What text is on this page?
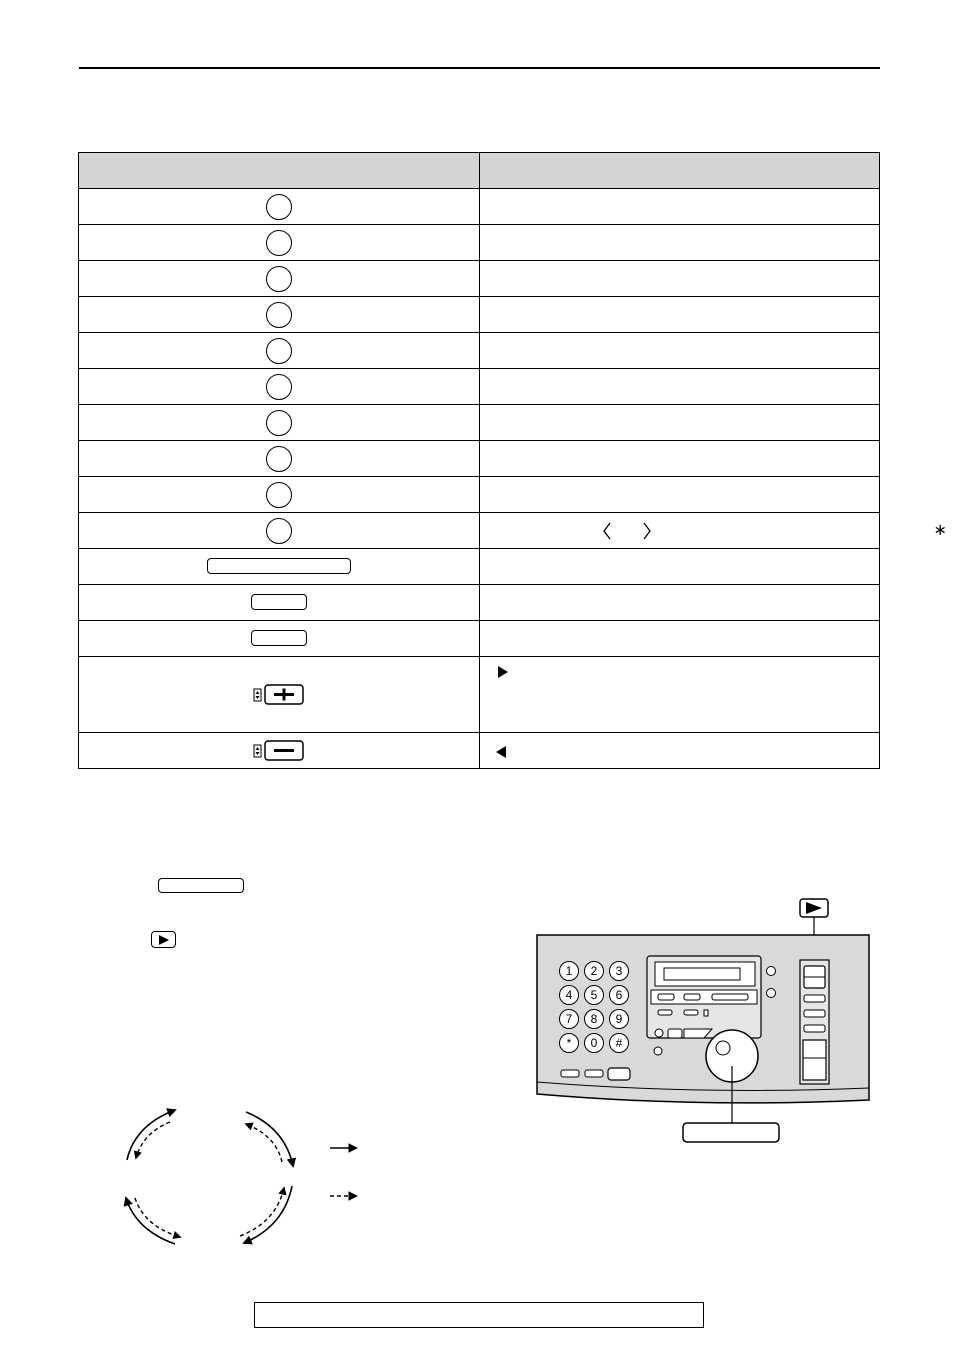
	∗

1 2 3
4 5 6
7 8 9
* 0 #
